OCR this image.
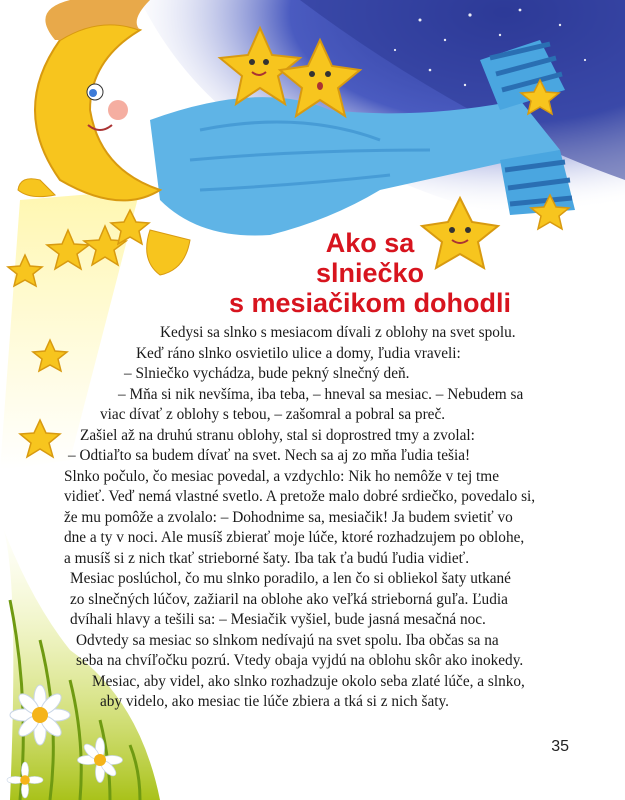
Ako sa
slniečko
s mesiačikom dohodli

Kedysi sa slnko s mesiacom dívali z oblohy na svet spolu.

Keď ráno slnko osvietilo ulice a domy, ľudia vraveli:

– Slniečko vychádza, bude pekný slnečný deň.

– Mňa si nik nevšíma, iba teba, – hneval sa mesiac. – Nebudem sa

viac dívať z oblohy s tebou, – zašomral a pobral sa preč.

Zašiel až na druhú stranu oblohy, stal si doprostred tmy a zvolal:

– Odtiaľto sa budem dívať na svet. Nech sa aj zo mňa ľudia tešia!

Slnko počulo, čo mesiac povedal, a vzdychlo: Nik ho nemôže v tej tme

vidieť. Veď nemá vlastné svetlo. A pretože malo dobré srdiečko, povedalo si,

že mu pomôže a zvolalo: – Dohodnime sa, mesiačik! Ja budem svietiť vo

dne a ty v noci. Ale musíš zbierať moje lúče, ktoré rozhadzujem po oblohe,

a musíš si z nich tkať strieborné šaty. Iba tak ťa budú ľudia vidieť.

Mesiac poslúchol, čo mu slnko poradilo, a len čo si obliekol šaty utkané

zo slnečných lúčov, zažiaril na oblohe ako veľká strieborná guľa. Ľudia

dvíhali hlavy a tešili sa: – Mesiačik vyšiel, bude jasná mesačná noc.

Odvtedy sa mesiac so slnkom nedívajú na svet spolu. Iba občas sa na

seba na chvíľočku pozrú. Vtedy obaja vyjdú na oblohu skôr ako inokedy.

Mesiac, aby videl, ako slnko rozhadzuje okolo seba zlaté lúče, a slnko,

aby videlo, ako mesiac tie lúče zbiera a tká si z nich šaty.

35
